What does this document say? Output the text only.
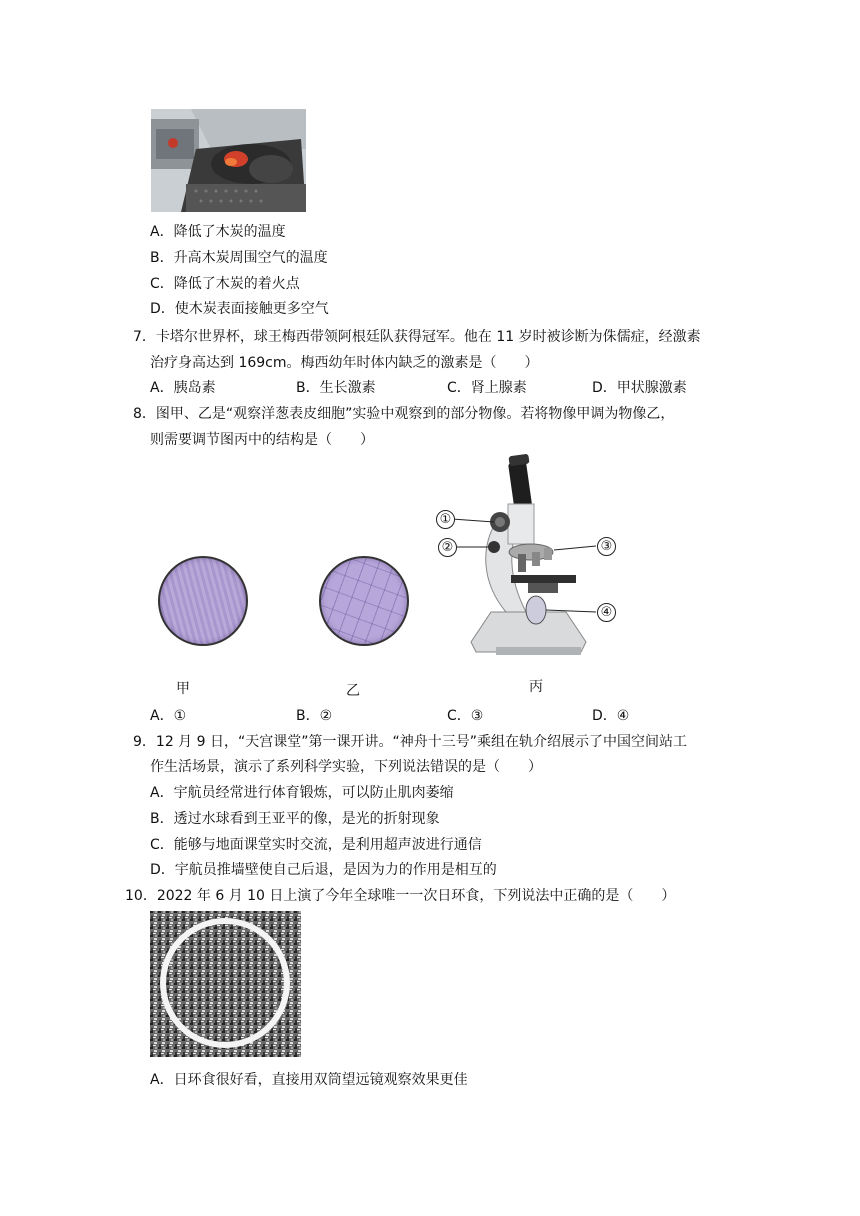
A．降低了木炭的温度
B．升高木炭周围空气的温度
C．降低了木炭的着火点
D．使木炭表面接触更多空气
7．卡塔尔世界杯，球王梅西带领阿根廷队获得冠军。他在 11 岁时被诊断为侏儒症，经激素
治疗身高达到 169cm。梅西幼年时体内缺乏的激素是（　　）
A．胰岛素	B．生长激素	C．肾上腺素	D．甲状腺激素
8．图甲、乙是“观察洋葱表皮细胞”实验中观察到的部分物像。若将物像甲调为物像乙，
则需要调节图丙中的结构是（　　）
①
②	③
④
甲	乙	丙
A．①	B．②	C．③	D．④
9．12 月 9 日，“天宫课堂”第一课开讲。“神舟十三号”乘组在轨介绍展示了中国空间站工
作生活场景，演示了系列科学实验，下列说法错误的是（　　）
A．宇航员经常进行体育锻炼，可以防止肌肉萎缩
B．透过水球看到王亚平的像，是光的折射现象
C．能够与地面课堂实时交流，是利用超声波进行通信
D．宇航员推墙壁使自己后退，是因为力的作用是相互的
10．2022 年 6 月 10 日上演了今年全球唯一一次日环食，下列说法中正确的是（　　）
A．日环食很好看，直接用双筒望远镜观察效果更佳
